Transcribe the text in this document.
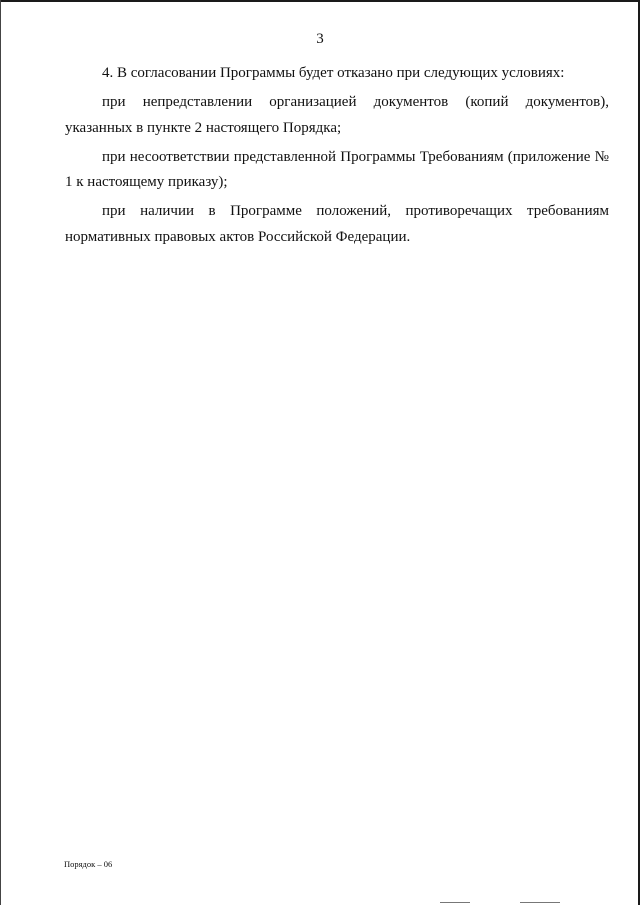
3

4. В согласовании Программы будет отказано при следующих условиях:

при непредставлении организацией документов (копий документов), указанных в пункте 2 настоящего Порядка;

при несоответствии представленной Программы Требованиям (приложение № 1 к настоящему приказу);

при наличии в Программе положений, противоречащих требованиям нормативных правовых актов Российской Федерации.

Порядок – 06
